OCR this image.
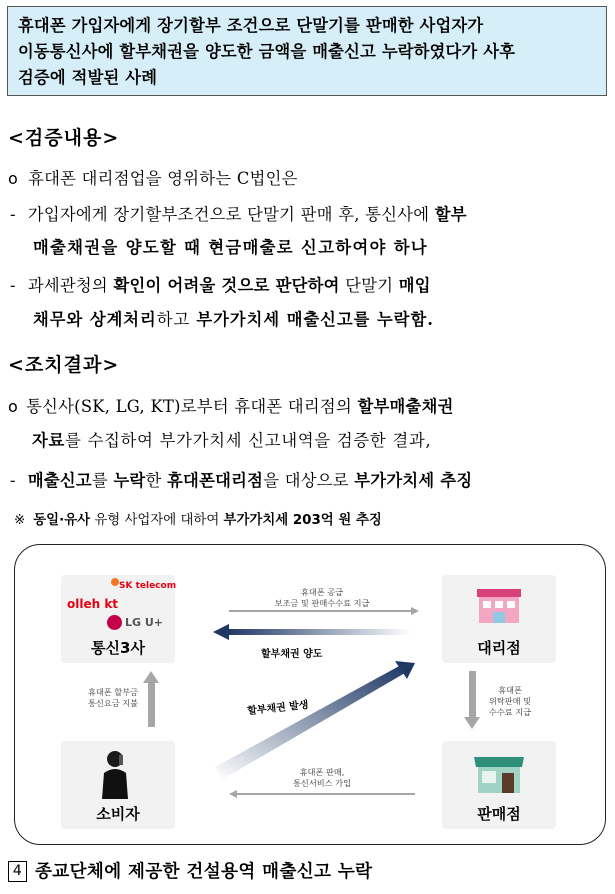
휴대폰 가입자에게 장기할부 조건으로 단말기를 판매한 사업자가
이동통신사에 할부채권을 양도한 금액을 매출신고 누락하였다가 사후
검증에 적발된 사례
<검증내용>
o 휴대폰 대리점업을 영위하는 C법인은
- 가입자에게 장기할부조건으로 단말기 판매 후, 통신사에 할부
매출채권을 양도할 때 현금매출로 신고하여야 하나
- 과세관청의 확인이 어려울 것으로 판단하여 단말기 매입
채무와 상계처리하고 부가가치세 매출신고를 누락함.
<조치결과>
o 통신사(SK, LG, KT)로부터 휴대폰 대리점의 할부매출채권
자료를 수집하여 부가가치세 신고내역을 검증한 결과,
- 매출신고를 누락한 휴대폰대리점을 대상으로 부가가치세 추징
※ 동일·유사 유형 사업자에 대하여 부가가치세 203억 원 추징
SK telecom
olleh kt
LG U+
통신3사	대리점
소비자	판매점
휴대폰 공급
보조금 및 판매수수료 지급
할부채권 양도
휴대폰 할부금
통신요금 지불	할부채권 발생
휴대폰
위탁판매 및
수수료 지급
휴대폰 판매,
통신서비스 가입
4 종교단체에 제공한 건설용역 매출신고 누락
